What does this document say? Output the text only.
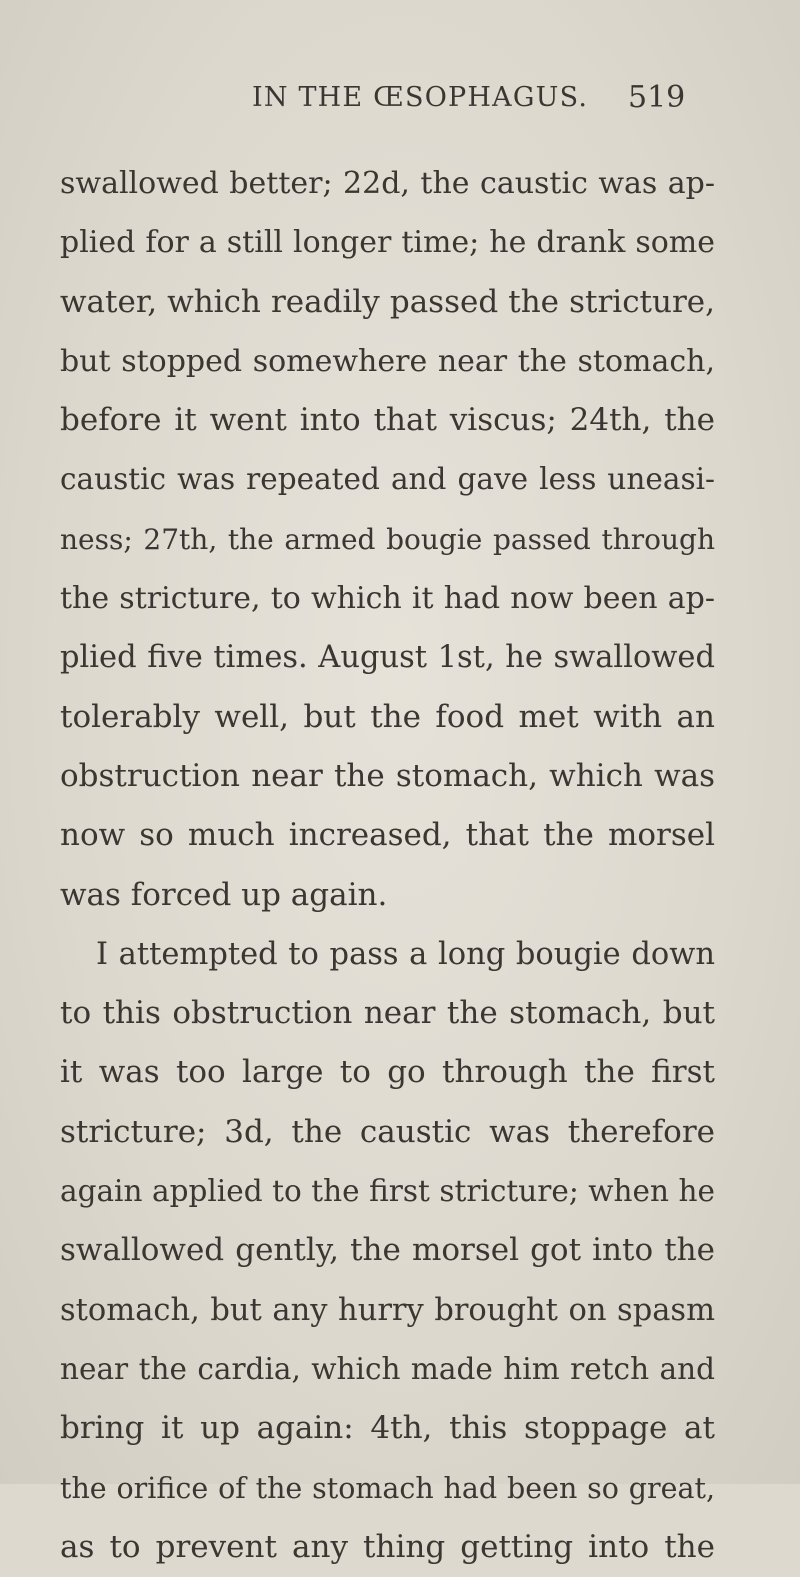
IN THE ŒSOPHAGUS. 519
swallowed better; 22d, the caustic was ap-
plied for a still longer time; he drank some
water, which readily passed the stricture,
but stopped somewhere near the stomach,
before it went into that viscus; 24th, the
caustic was repeated and gave less uneasi-
ness; 27th, the armed bougie passed through
the stricture, to which it had now been ap-
plied five times. August 1st, he swallowed
tolerably well, but the food met with an
obstruction near the stomach, which was
now so much increased, that the morsel
was forced up again.
I attempted to pass a long bougie down
to this obstruction near the stomach, but
it was too large to go through the first
stricture; 3d, the caustic was therefore
again applied to the first stricture; when he
swallowed gently, the morsel got into the
stomach, but any hurry brought on spasm
near the cardia, which made him retch and
bring it up again: 4th, this stoppage at
the orifice of the stomach had been so great,
as to prevent any thing getting into the
